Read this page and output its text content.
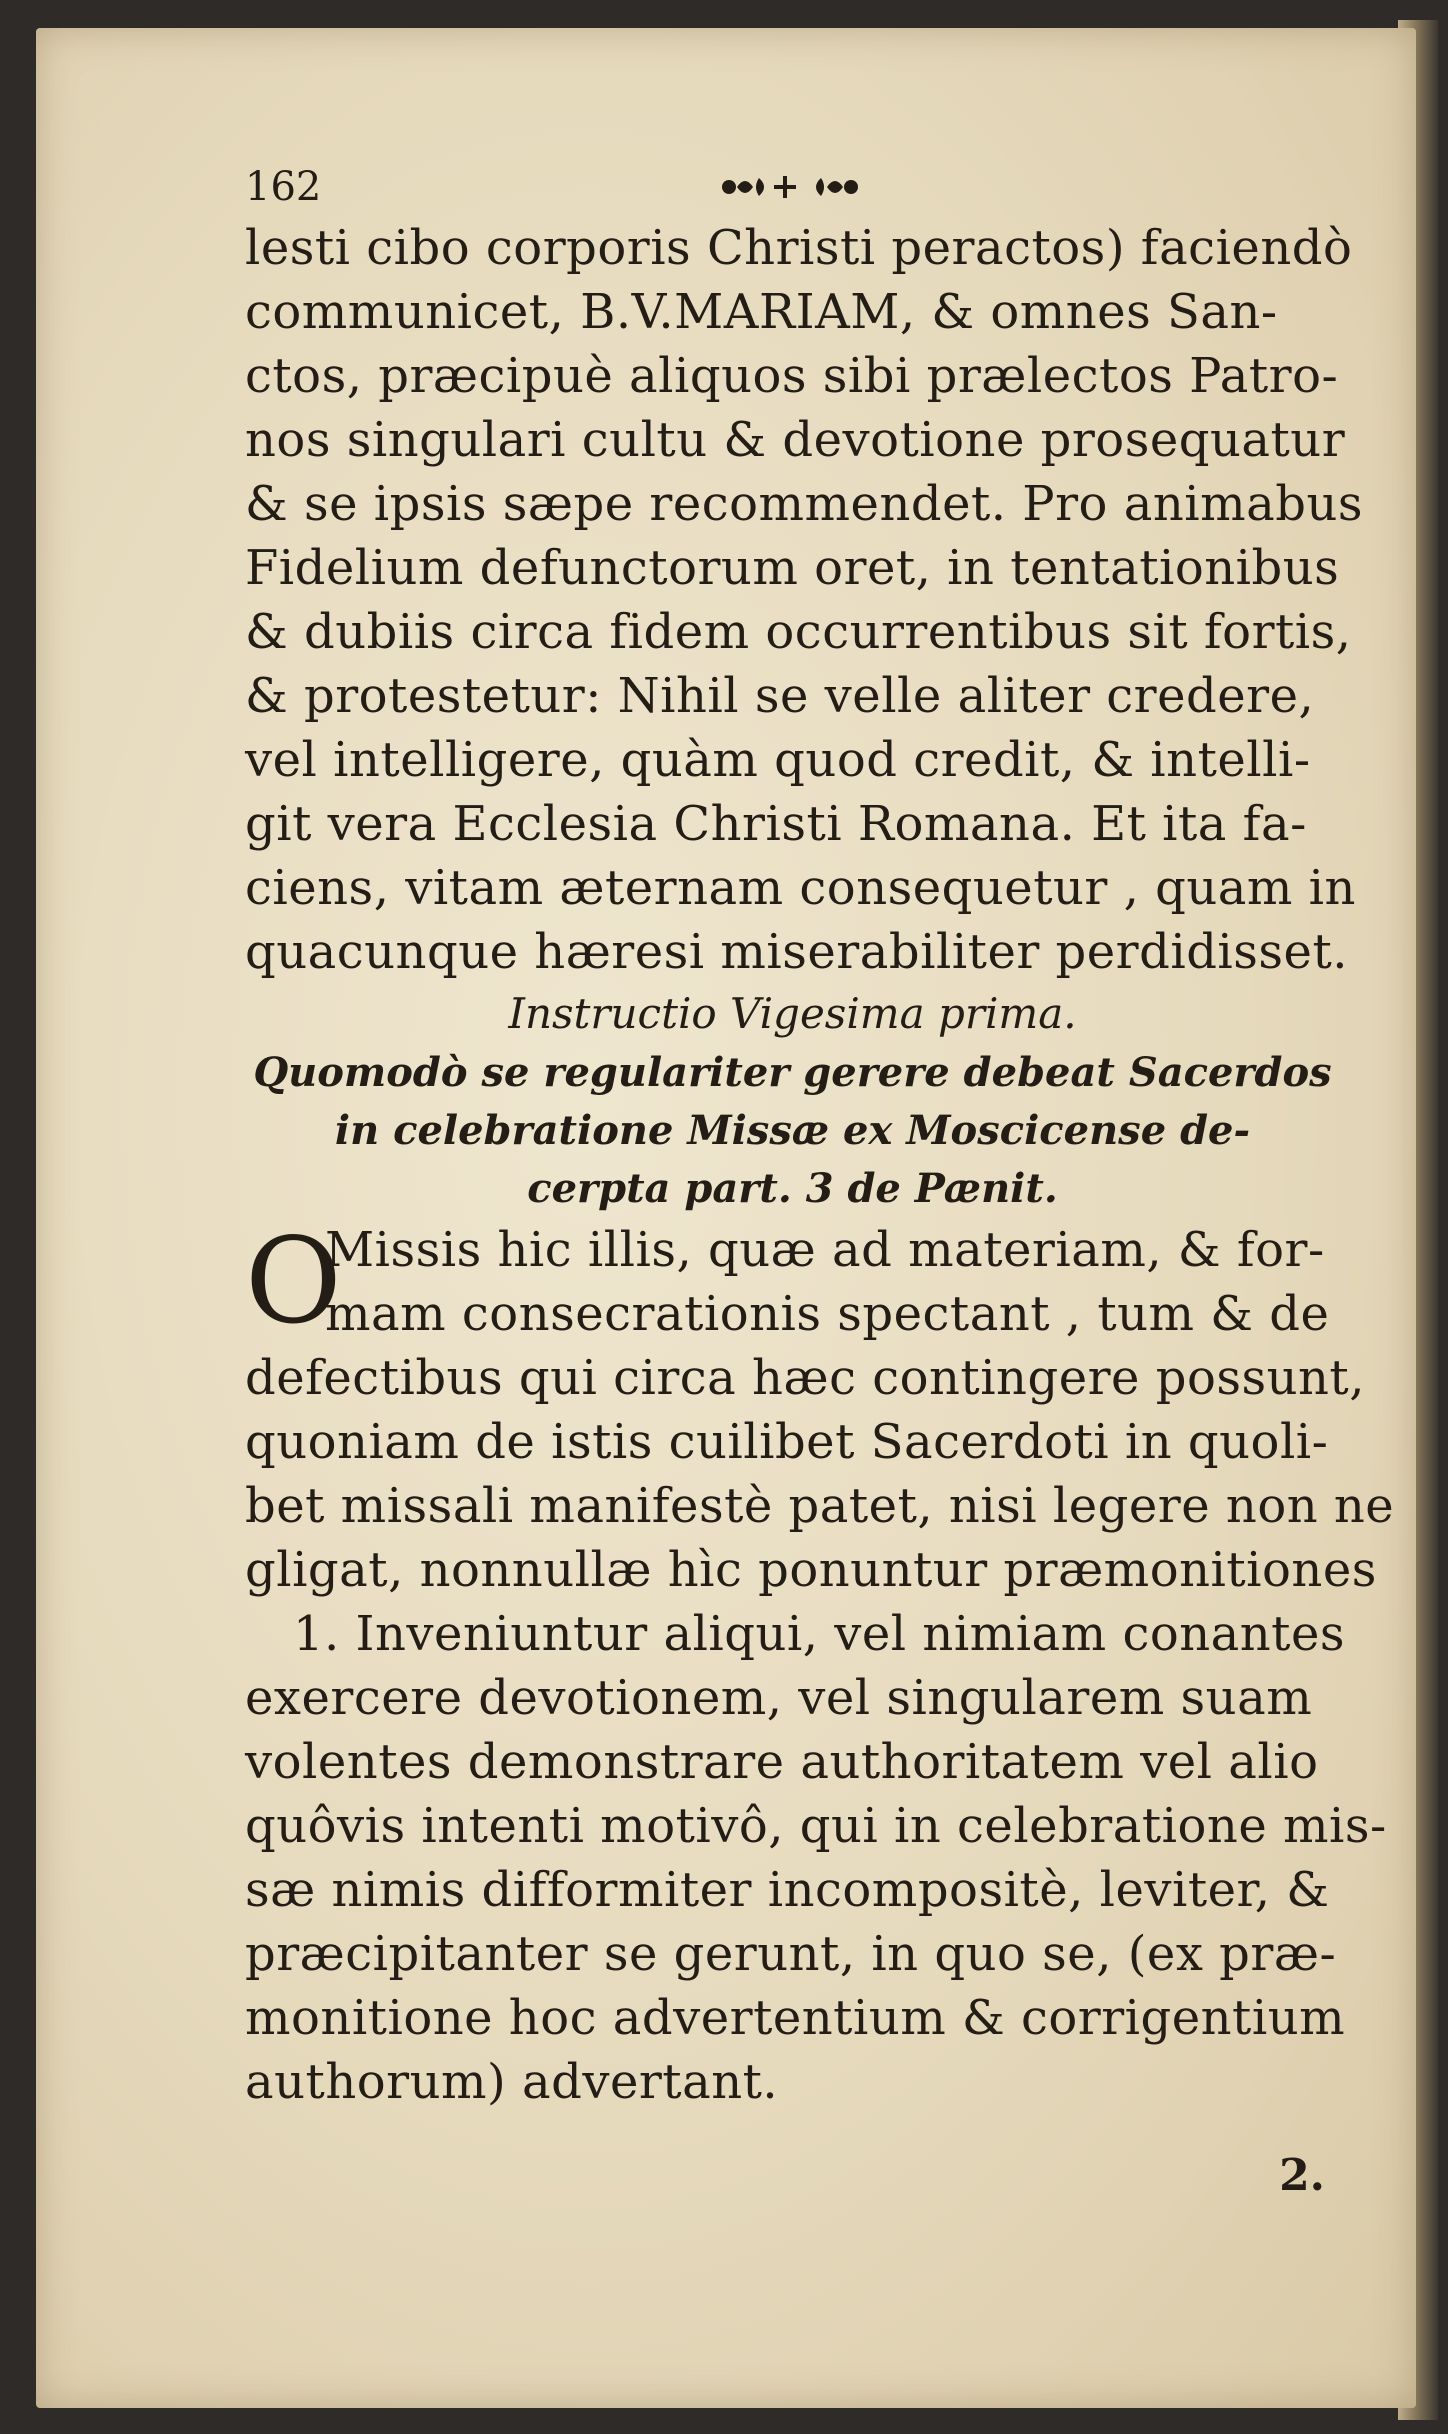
162
lesti cibo corporis Christi peractos) faciendò
communicet, B.V.MARIAM, & omnes San-
ctos, præcipuè aliquos sibi prælectos Patro-
nos singulari cultu & devotione prosequatur
& se ipsis sæpe recommendet. Pro animabus
Fidelium defunctorum oret, in tentationibus
& dubiis circa fidem occurrentibus sit fortis,
& protestetur: Nihil se velle aliter credere,
vel intelligere, quàm quod credit, & intelli-
git vera Ecclesia Christi Romana. Et ita fa-
ciens, vitam æternam consequetur , quam in
quacunque hæresi miserabiliter perdidisset.
Instructio Vigesima prima.
Quomodò se regulariter gerere debeat Sacerdos
in celebratione Missæ ex Moscicense de-
cerpta part. 3 de Pænit.
O
Missis hic illis, quæ ad materiam, & for-
mam consecrationis spectant , tum & de
defectibus qui circa hæc contingere possunt,
quoniam de istis cuilibet Sacerdoti in quoli-
bet missali manifestè patet, nisi legere non ne
gligat, nonnullæ hìc ponuntur præmonitiones
1. Inveniuntur aliqui, vel nimiam conantes
exercere devotionem, vel singularem suam
volentes demonstrare authoritatem vel alio
quôvis intenti motivô, qui in celebratione mis-
sæ nimis difformiter incompositè, leviter, &
præcipitanter se gerunt, in quo se, (ex præ-
monitione hoc advertentium & corrigentium
authorum) advertant.
2.
